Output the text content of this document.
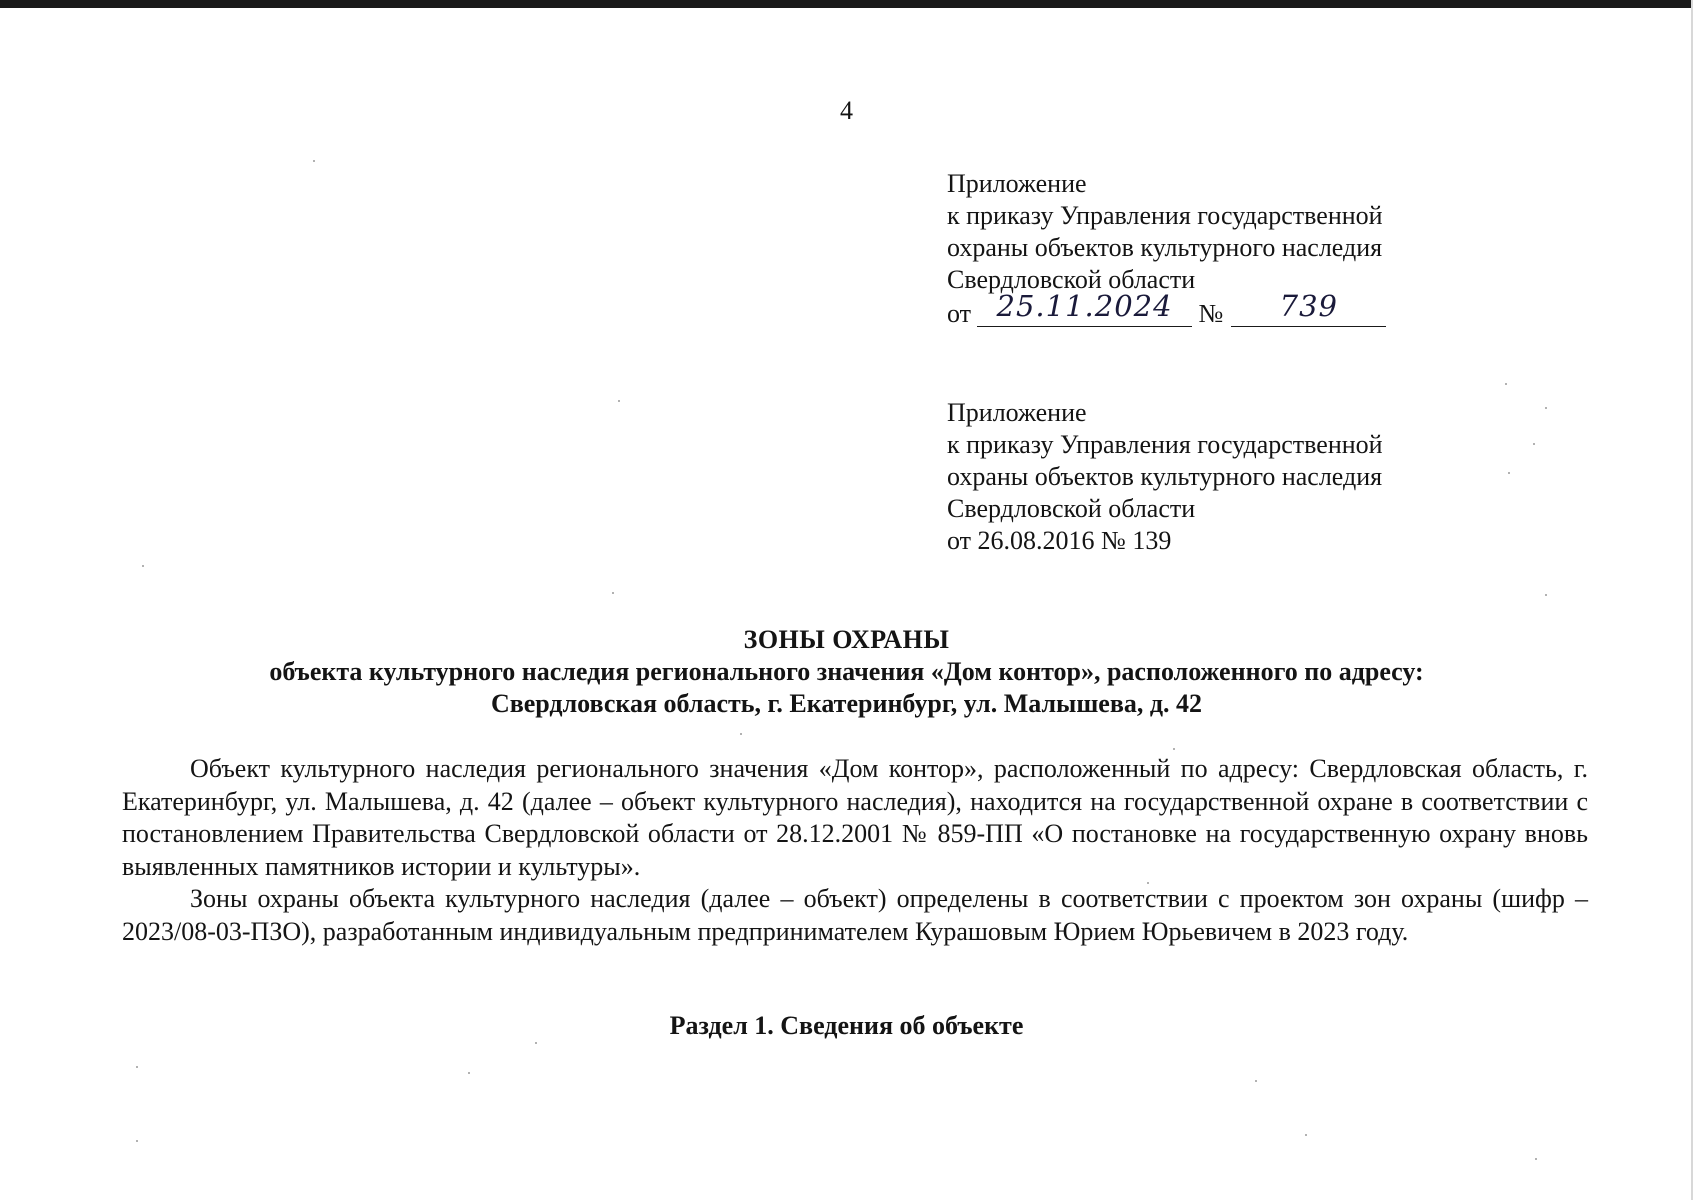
4
Приложение
к приказу Управления государственной
охраны объектов культурного наследия
Свердловской области
от 25.11.2024 № 739
Приложение
к приказу Управления государственной
охраны объектов культурного наследия
Свердловской области
от 26.08.2016 № 139
ЗОНЫ ОХРАНЫ
объекта культурного наследия регионального значения «Дом контор», расположенного по адресу:
Свердловская область, г. Екатеринбург, ул. Малышева, д. 42

Объект культурного наследия регионального значения «Дом контор», расположенный по адресу: Свердловская область, г. Екатеринбург, ул. Малышева, д. 42 (далее – объект культурного наследия), находится на государственной охране в соответствии с постановлением Правительства Свердловской области от 28.12.2001 № 859-ПП «О постановке на государственную охрану вновь выявленных памятников истории и культуры».

Зоны охраны объекта культурного наследия (далее – объект) определены в соответствии с проектом зон охраны (шифр – 2023/08-03-ПЗО), разработанным индивидуальным предпринимателем Курашовым Юрием Юрьевичем в 2023 году.

Раздел 1. Сведения об объекте
